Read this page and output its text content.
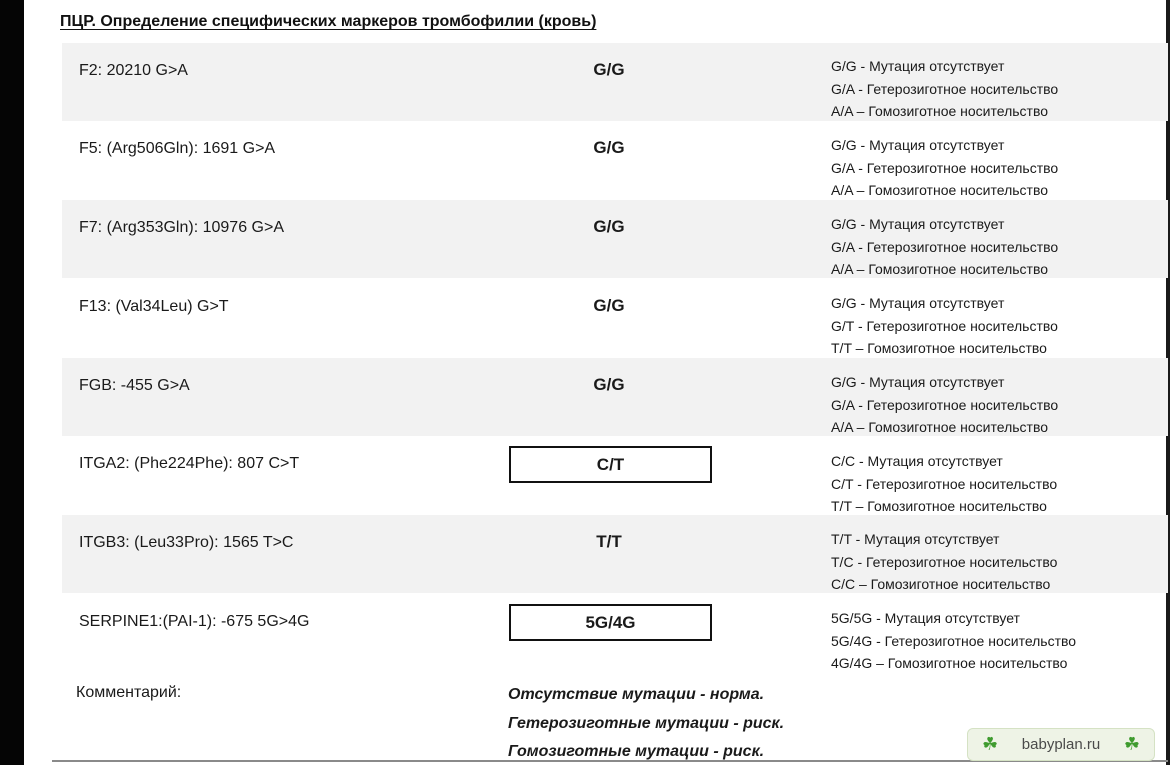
ПЦР. Определение специфических маркеров тромбофилии (кровь)
F2: 20210 G>A	G/G	G/G - Мутация отсутствует
G/A - Гетерозиготное носительство
A/A – Гомозиготное носительство
F5: (Arg506Gln): 1691 G>A	G/G	G/G - Мутация отсутствует
G/A - Гетерозиготное носительство
A/A – Гомозиготное носительство
F7: (Arg353Gln): 10976 G>A	G/G	G/G - Мутация отсутствует
G/A - Гетерозиготное носительство
A/A – Гомозиготное носительство
F13: (Val34Leu) G>T	G/G	G/G - Мутация отсутствует
G/T - Гетерозиготное носительство
T/T – Гомозиготное носительство
FGB: -455 G>A	G/G	G/G - Мутация отсутствует
G/A - Гетерозиготное носительство
A/A – Гомозиготное носительство
ITGA2: (Phe224Phe): 807 C>T	C/T	C/C - Мутация отсутствует
C/T - Гетерозиготное носительство
T/T – Гомозиготное носительство
ITGB3: (Leu33Pro): 1565 T>C	T/T	T/T - Мутация отсутствует
T/C - Гетерозиготное носительство
C/C – Гомозиготное носительство
SERPINE1:(PAI-1): -675 5G>4G	5G/4G	5G/5G - Мутация отсутствует
5G/4G - Гетерозиготное носительство
4G/4G – Гомозиготное носительство
Комментарий:	Отсутствие мутации - норма.
Гетерозиготные мутации - риск.
Гомозиготные мутации - риск.	☘ babyplan.ru ☘
